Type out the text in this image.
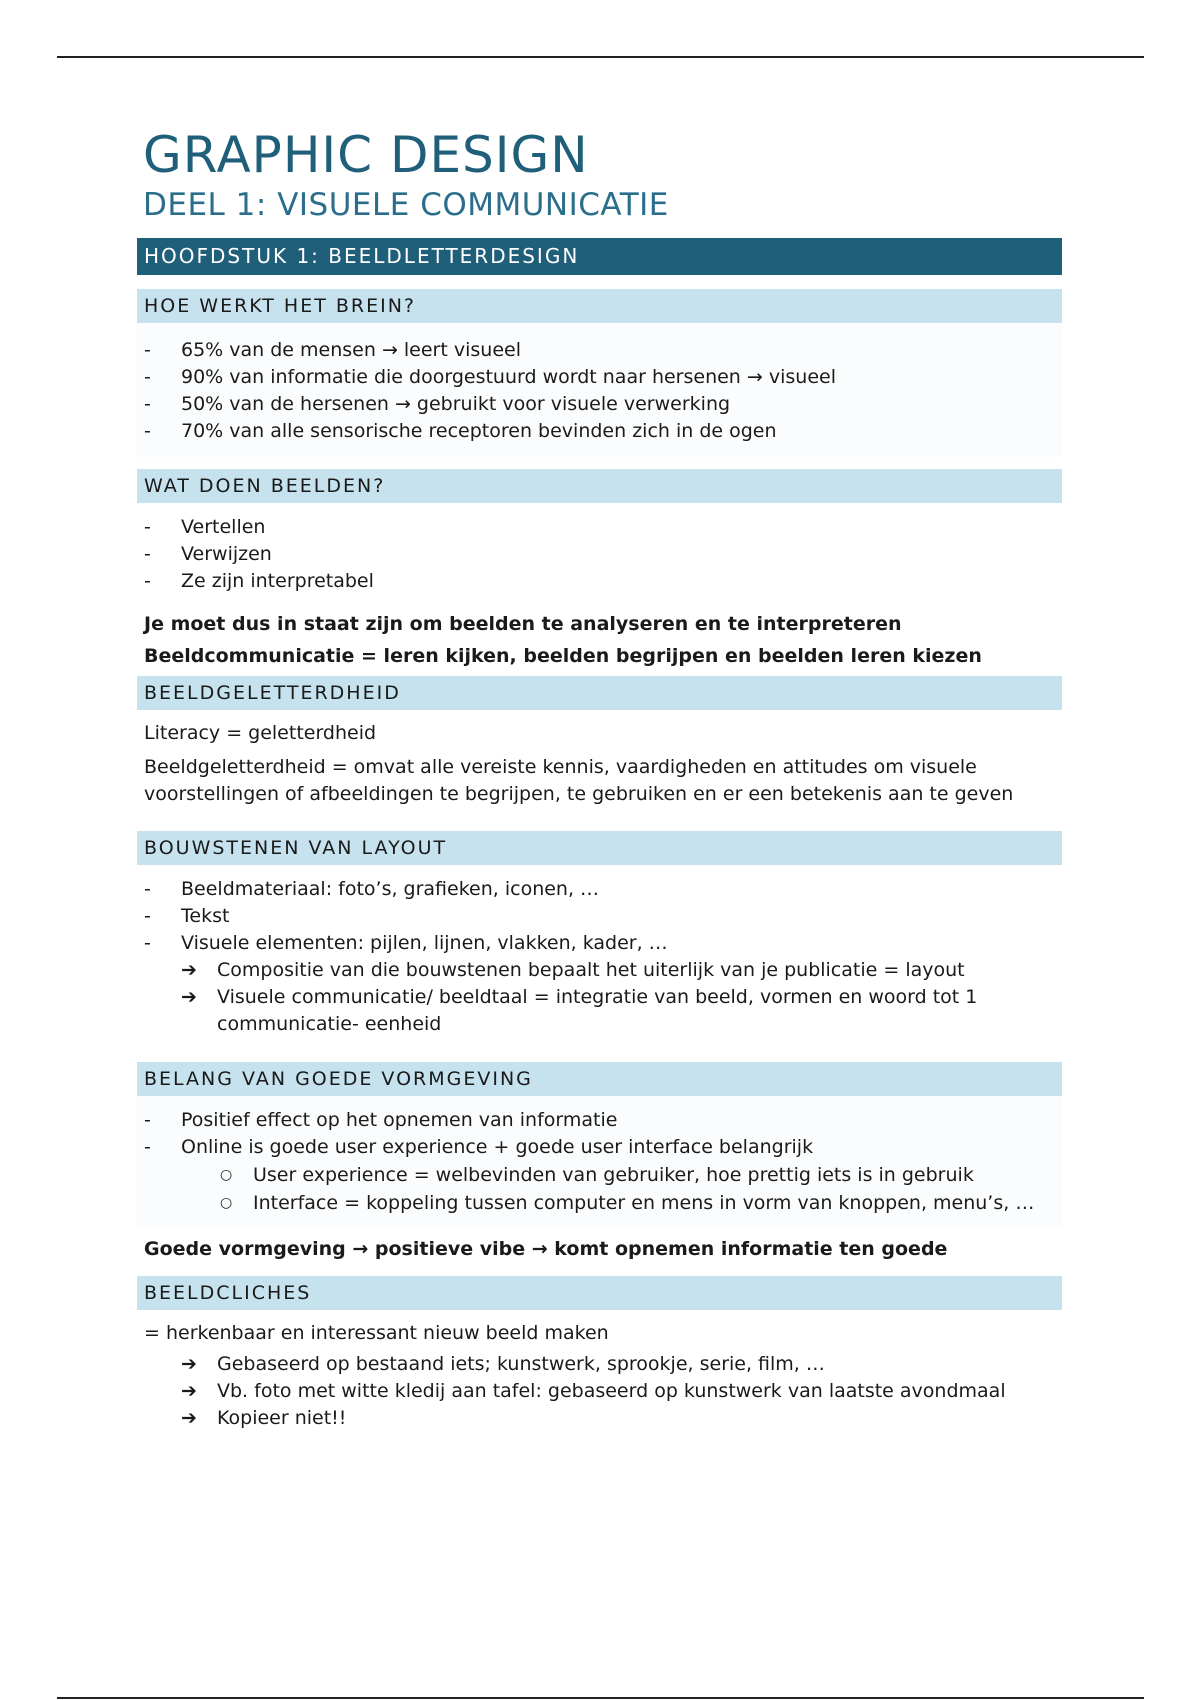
GRAPHIC DESIGN
DEEL 1: VISUELE COMMUNICATIE
HOOFDSTUK 1: BEELDLETTERDESIGN
HOE WERKT HET BREIN?
-	65% van de mensen → leert visueel
-	90% van informatie die doorgestuurd wordt naar hersenen → visueel
-	50% van de hersenen → gebruikt voor visuele verwerking
-	70% van alle sensorische receptoren bevinden zich in de ogen
WAT DOEN BEELDEN?
-	Vertellen
-	Verwijzen
-	Ze zijn interpretabel

Je moet dus in staat zijn om beelden te analyseren en te interpreteren

Beeldcommunicatie = leren kijken, beelden begrijpen en beelden leren kiezen

BEELDGELETTERDHEID

Literacy = geletterdheid

Beeldgeletterdheid = omvat alle vereiste kennis, vaardigheden en attitudes om visuele voorstellingen of afbeeldingen te begrijpen, te gebruiken en er een betekenis aan te geven

BOUWSTENEN VAN LAYOUT
-	Beeldmateriaal: foto’s, grafieken, iconen, …
-	Tekst
-	Visuele elementen: pijlen, lijnen, vlakken, kader, …
➔ Compositie van die bouwstenen bepaalt het uiterlijk van je publicatie = layout
➔ Visuele communicatie/ beeldtaal = integratie van beeld, vormen en woord tot 1 communicatie- eenheid
BELANG VAN GOEDE VORMGEVING
-	Positief effect op het opnemen van informatie
-	Online is goede user experience + goede user interface belangrijk
○ User experience = welbevinden van gebruiker, hoe prettig iets is in gebruik
○ Interface = koppeling tussen computer en mens in vorm van knoppen, menu’s, …

Goede vormgeving → positieve vibe → komt opnemen informatie ten goede

BEELDCLICHES

= herkenbaar en interessant nieuw beeld maken

➔ Gebaseerd op bestaand iets; kunstwerk, sprookje, serie, film, …
➔ Vb. foto met witte kledij aan tafel: gebaseerd op kunstwerk van laatste avondmaal
➔ Kopieer niet!!
